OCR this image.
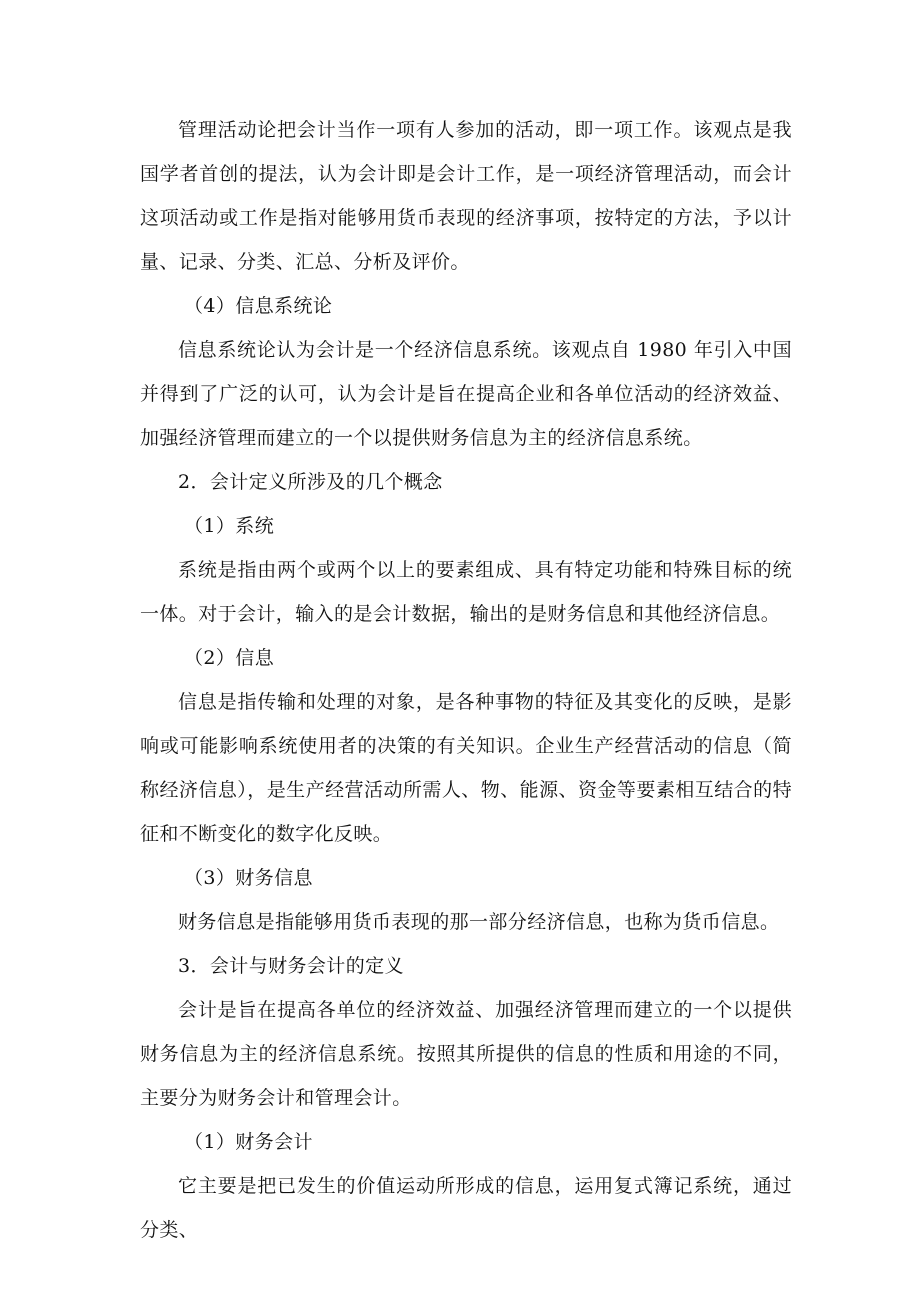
管理活动论把会计当作一项有人参加的活动，即一项工作。该观点是我国学者首创的提法，认为会计即是会计工作，是一项经济管理活动，而会计这项活动或工作是指对能够用货币表现的经济事项，按特定的方法，予以计量、记录、分类、汇总、分析及评价。

（4）信息系统论

信息系统论认为会计是一个经济信息系统。该观点自 1980 年引入中国并得到了广泛的认可，认为会计是旨在提高企业和各单位活动的经济效益、加强经济管理而建立的一个以提供财务信息为主的经济信息系统。

2．会计定义所涉及的几个概念

（1）系统

系统是指由两个或两个以上的要素组成、具有特定功能和特殊目标的统一体。对于会计，输入的是会计数据，输出的是财务信息和其他经济信息。

（2）信息

信息是指传输和处理的对象，是各种事物的特征及其变化的反映，是影响或可能影响系统使用者的决策的有关知识。企业生产经营活动的信息（简称经济信息），是生产经营活动所需人、物、能源、资金等要素相互结合的特征和不断变化的数字化反映。

（3）财务信息

财务信息是指能够用货币表现的那一部分经济信息，也称为货币信息。

3．会计与财务会计的定义

会计是旨在提高各单位的经济效益、加强经济管理而建立的一个以提供财务信息为主的经济信息系统。按照其所提供的信息的性质和用途的不同，主要分为财务会计和管理会计。

（1）财务会计

它主要是把已发生的价值运动所形成的信息，运用复式簿记系统，通过分类、
